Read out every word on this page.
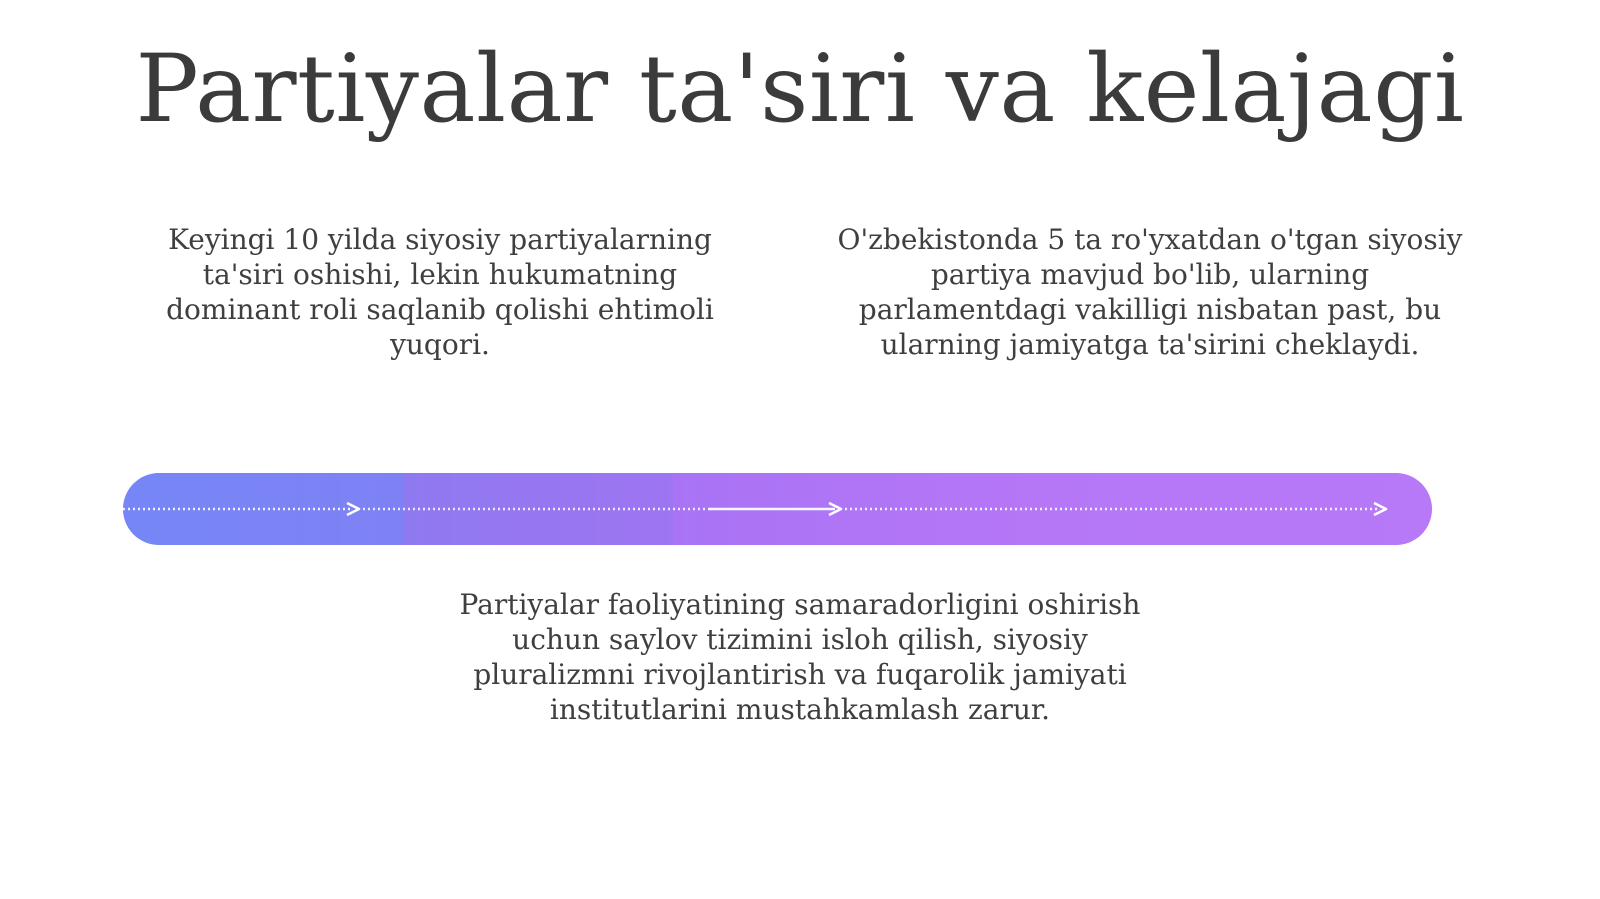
Partiyalar ta'siri va kelajagi

Keyingi 10 yilda siyosiy partiyalarning ta'siri oshishi, lekin hukumatning dominant roli saqlanib qolishi ehtimoli yuqori.

O'zbekistonda 5 ta ro'yxatdan o'tgan siyosiy partiya mavjud bo'lib, ularning parlamentdagi vakilligi nisbatan past, bu ularning jamiyatga ta'sirini cheklaydi.

Partiyalar faoliyatining samaradorligini oshirish uchun saylov tizimini isloh qilish, siyosiy pluralizmni rivojlantirish va fuqarolik jamiyati institutlarini mustahkamlash zarur.
